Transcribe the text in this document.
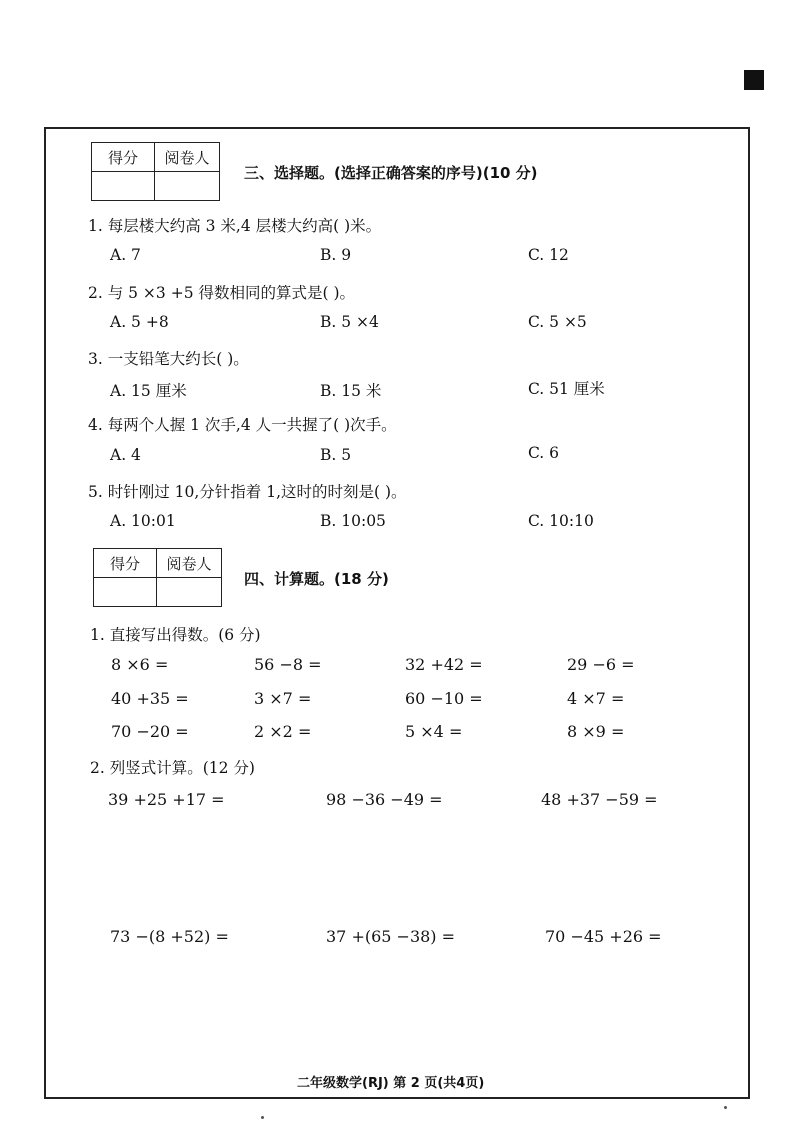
得分	阅卷人

三、选择题。(选择正确答案的序号)(10 分)
1. 每层楼大约高 3 米,4 层楼大约高( )米。
A. 7	B. 9	C. 12
2. 与 5 ×3 +5 得数相同的算式是( )。
A. 5 +8	B. 5 ×4	C. 5 ×5
3. 一支铅笔大约长( )。
A. 15 厘米	B. 15 米	C. 51 厘米
4. 每两个人握 1 次手,4 人一共握了( )次手。
A. 4	B. 5	C. 6
5. 时针刚过 10,分针指着 1,这时的时刻是( )。
A. 10:01	B. 10:05	C. 10:10
得分	阅卷人

四、计算题。(18 分)
1. 直接写出得数。(6 分)
8 ×6 =	56 −8 =	32 +42 =	29 −6 =
40 +35 =	3 ×7 =	60 −10 =	4 ×7 =
70 −20 =	2 ×2 =	5 ×4 =	8 ×9 =
2. 列竖式计算。(12 分)
39 +25 +17 =	98 −36 −49 =	48 +37 −59 =
73 −(8 +52) =	37 +(65 −38) =	70 −45 +26 =
二年级数学(RJ) 第 2 页(共4页)
